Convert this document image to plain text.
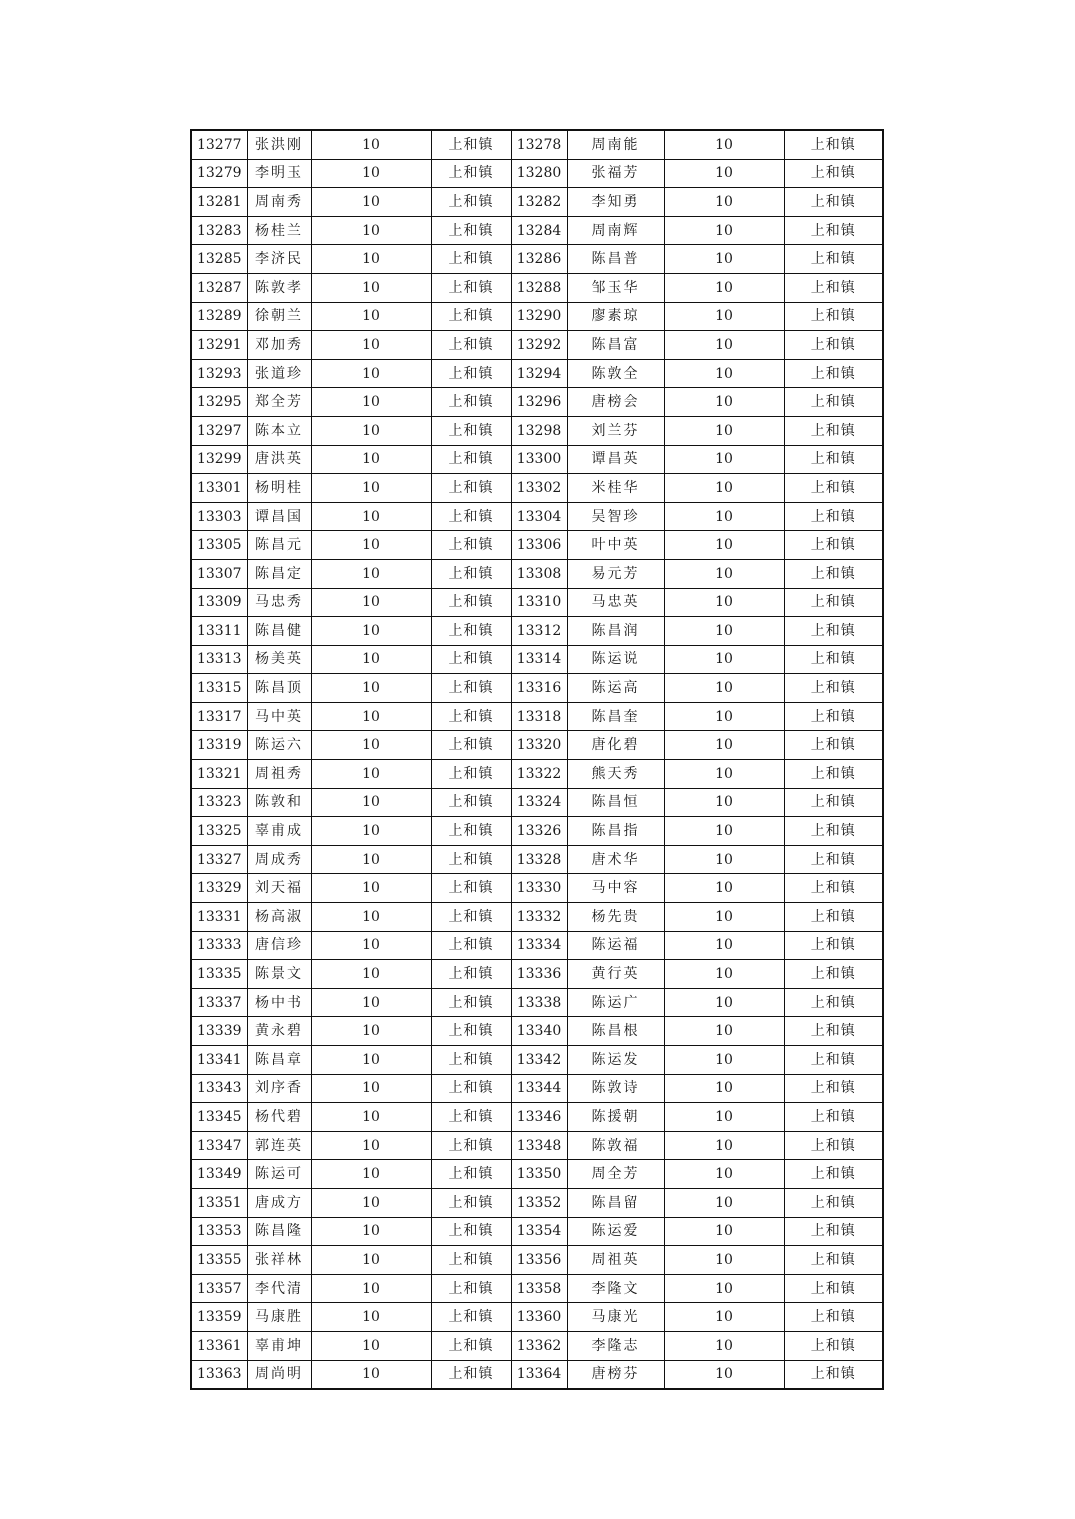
13277	张洪刚	10	上和镇	13278	周南能	10	上和镇
13279	李明玉	10	上和镇	13280	张福芳	10	上和镇
13281	周南秀	10	上和镇	13282	李知勇	10	上和镇
13283	杨桂兰	10	上和镇	13284	周南辉	10	上和镇
13285	李济民	10	上和镇	13286	陈昌普	10	上和镇
13287	陈敦孝	10	上和镇	13288	邹玉华	10	上和镇
13289	徐朝兰	10	上和镇	13290	廖素琼	10	上和镇
13291	邓加秀	10	上和镇	13292	陈昌富	10	上和镇
13293	张道珍	10	上和镇	13294	陈敦全	10	上和镇
13295	郑全芳	10	上和镇	13296	唐榜会	10	上和镇
13297	陈本立	10	上和镇	13298	刘兰芬	10	上和镇
13299	唐洪英	10	上和镇	13300	谭昌英	10	上和镇
13301	杨明桂	10	上和镇	13302	米桂华	10	上和镇
13303	谭昌国	10	上和镇	13304	吴智珍	10	上和镇
13305	陈昌元	10	上和镇	13306	叶中英	10	上和镇
13307	陈昌定	10	上和镇	13308	易元芳	10	上和镇
13309	马忠秀	10	上和镇	13310	马忠英	10	上和镇
13311	陈昌健	10	上和镇	13312	陈昌润	10	上和镇
13313	杨美英	10	上和镇	13314	陈运说	10	上和镇
13315	陈昌顶	10	上和镇	13316	陈运高	10	上和镇
13317	马中英	10	上和镇	13318	陈昌奎	10	上和镇
13319	陈运六	10	上和镇	13320	唐化碧	10	上和镇
13321	周祖秀	10	上和镇	13322	熊天秀	10	上和镇
13323	陈敦和	10	上和镇	13324	陈昌恒	10	上和镇
13325	辜甫成	10	上和镇	13326	陈昌指	10	上和镇
13327	周成秀	10	上和镇	13328	唐术华	10	上和镇
13329	刘天福	10	上和镇	13330	马中容	10	上和镇
13331	杨高淑	10	上和镇	13332	杨先贵	10	上和镇
13333	唐信珍	10	上和镇	13334	陈运福	10	上和镇
13335	陈景文	10	上和镇	13336	黄行英	10	上和镇
13337	杨中书	10	上和镇	13338	陈运广	10	上和镇
13339	黄永碧	10	上和镇	13340	陈昌根	10	上和镇
13341	陈昌章	10	上和镇	13342	陈运发	10	上和镇
13343	刘序香	10	上和镇	13344	陈敦诗	10	上和镇
13345	杨代碧	10	上和镇	13346	陈援朝	10	上和镇
13347	郭连英	10	上和镇	13348	陈敦福	10	上和镇
13349	陈运可	10	上和镇	13350	周全芳	10	上和镇
13351	唐成方	10	上和镇	13352	陈昌留	10	上和镇
13353	陈昌隆	10	上和镇	13354	陈运爱	10	上和镇
13355	张祥林	10	上和镇	13356	周祖英	10	上和镇
13357	李代清	10	上和镇	13358	李隆文	10	上和镇
13359	马康胜	10	上和镇	13360	马康光	10	上和镇
13361	辜甫坤	10	上和镇	13362	李隆志	10	上和镇
13363	周尚明	10	上和镇	13364	唐榜芬	10	上和镇
